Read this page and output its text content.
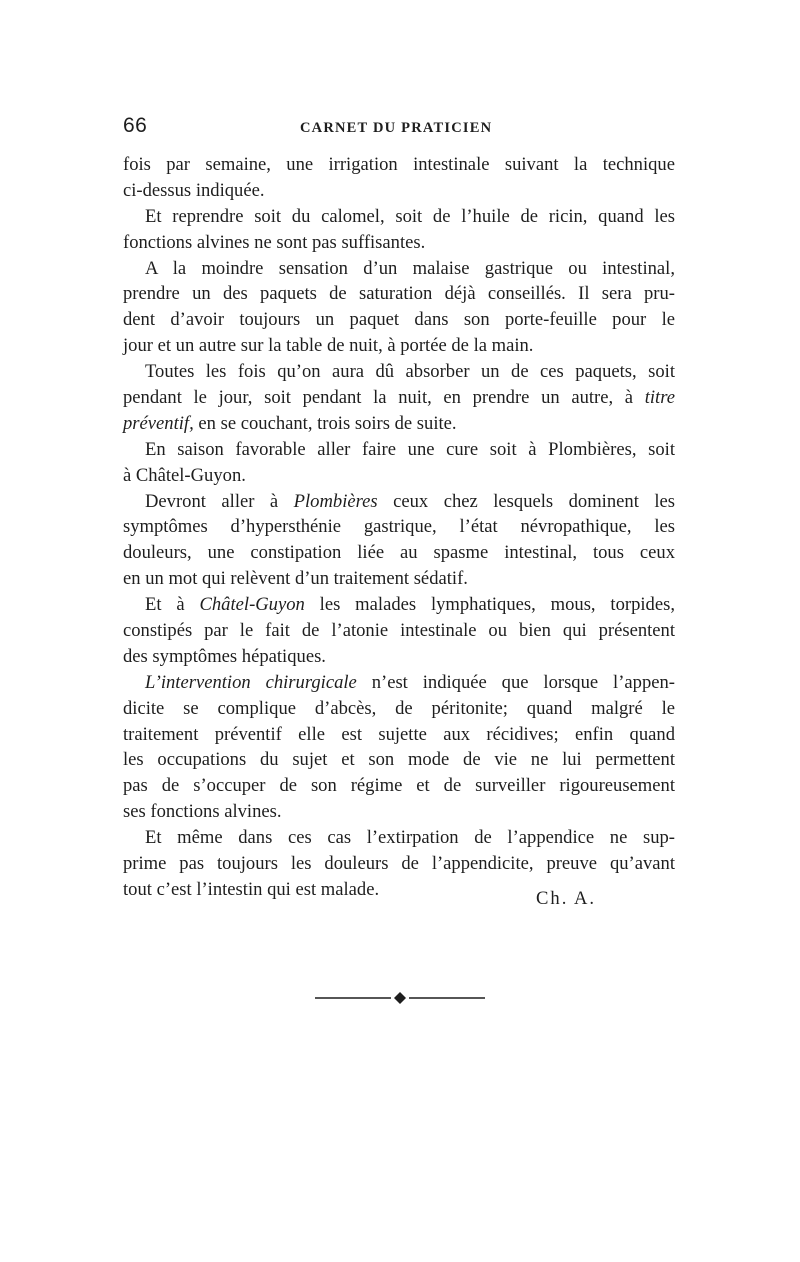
66	CARNET DU PRATICIEN
fois par semaine, une irrigation intestinale suivant la technique
ci-dessus indiquée.
Et reprendre soit du calomel, soit de l’huile de ricin, quand les
fonctions alvines ne sont pas suffisantes.
A la moindre sensation d’un malaise gastrique ou intestinal,
prendre un des paquets de saturation déjà conseillés. Il sera pru-
dent d’avoir toujours un paquet dans son porte-feuille pour le
jour et un autre sur la table de nuit, à portée de la main.
Toutes les fois qu’on aura dû absorber un de ces paquets, soit
pendant le jour, soit pendant la nuit, en prendre un autre, à titre
préventif, en se couchant, trois soirs de suite.
En saison favorable aller faire une cure soit à Plombières, soit
à Châtel-Guyon.
Devront aller à Plombières ceux chez lesquels dominent les
symptômes d’hypersthénie gastrique, l’état névropathique, les
douleurs, une constipation liée au spasme intestinal, tous ceux
en un mot qui relèvent d’un traitement sédatif.
Et à Châtel-Guyon les malades lymphatiques, mous, torpides,
constipés par le fait de l’atonie intestinale ou bien qui présentent
des symptômes hépatiques.
L’intervention chirurgicale n’est indiquée que lorsque l’appen-
dicite se complique d’abcès, de péritonite; quand malgré le
traitement préventif elle est sujette aux récidives; enfin quand
les occupations du sujet et son mode de vie ne lui permettent
pas de s’occuper de son régime et de surveiller rigoureusement
ses fonctions alvines.
Et même dans ces cas l’extirpation de l’appendice ne sup-
prime pas toujours les douleurs de l’appendicite, preuve qu’avant
tout c’est l’intestin qui est malade.	Ch. A.
